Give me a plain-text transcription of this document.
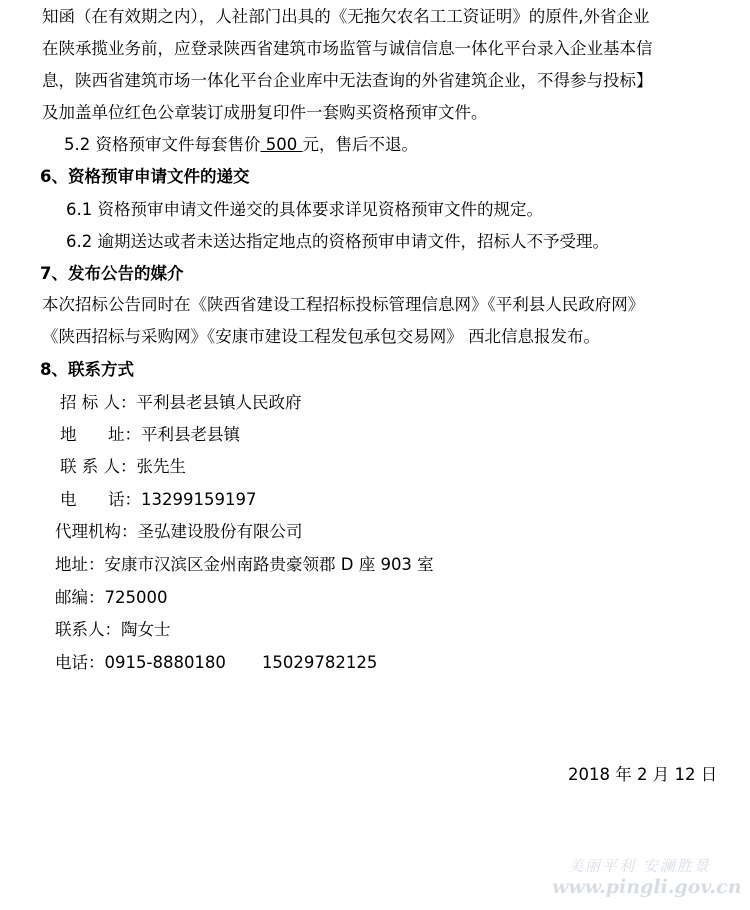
知函（在有效期之内），人社部门出具的《无拖欠农名工工资证明》的原件,外省企业
在陕承揽业务前，应登录陕西省建筑市场监管与诚信信息一体化平台录入企业基本信
息，陕西省建筑市场一体化平台企业库中无法查询的外省建筑企业，不得参与投标】
及加盖单位红色公章装订成册复印件一套购买资格预审文件。
5.2 资格预审文件每套售价 500 元，售后不退。
6、资格预审申请文件的递交
6.1 资格预审申请文件递交的具体要求详见资格预审文件的规定。
6.2 逾期送达或者未送达指定地点的资格预审申请文件，招标人不予受理。
7、发布公告的媒介
本次招标公告同时在《陕西省建设工程招标投标管理信息网》《平利县人民政府网》
《陕西招标与采购网》《安康市建设工程发包承包交易网》 西北信息报发布。
8、联系方式
招 标 人：平利县老县镇人民政府
地      址：平利县老县镇
联 系 人：张先生
电      话：13299159197
代理机构：圣弘建设股份有限公司
地址：安康市汉滨区金州南路贵豪领郡 D 座 903 室
邮编：725000
联系人：陶女士
电话：0915-8880180 15029782125
2018 年 2 月 12 日
美丽平利 安澜胜景
www.pingli.gov.cn
